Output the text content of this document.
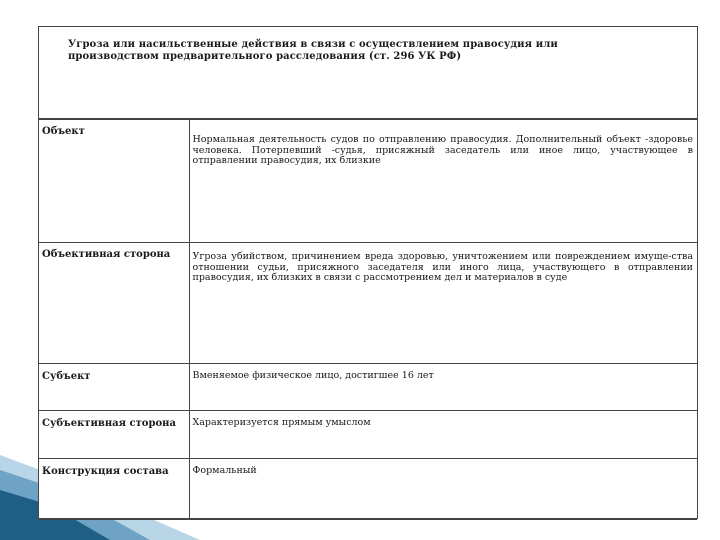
Угроза или насильственные действия в связи с осуществлением правосудия или производством предварительного расследования (ст. 296 УК РФ)
Объект	Нормальная деятельность судов по отправлению правосудия. Дополнительный объект -здоровье человека. Потерпевший -судья, присяжный заседатель или иное лицо, участвующее в отправлении правосудия, их близкие

Объективная сторона	Угроза убийством, причинением вреда здоровью, уничтожением или повреждением имуще-ства отношении судьи, присяжного заседателя или иного лица, участвующего в отправлении правосудия, их близких в связи с рассмотрением дел и материалов в суде

Субъект	Вменяемое физическое лицо, достигшее 16 лет

Субъективная сторона	Характеризуется прямым умыслом

Конструкция состава	Формальный
